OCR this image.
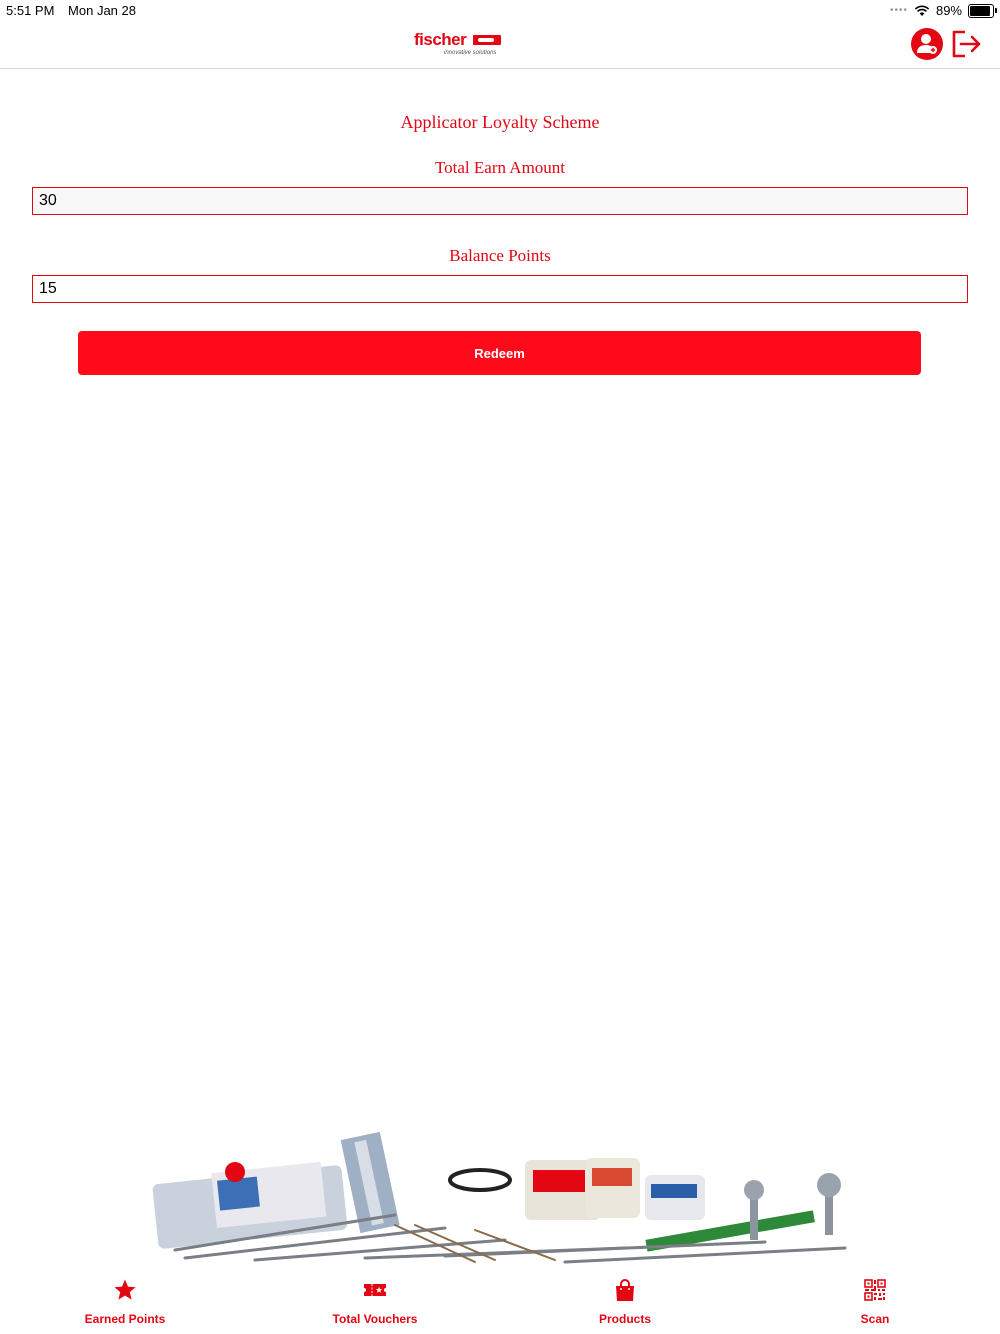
5:51 PM Mon Jan 28	•••• 89%
fischer
innovative solutions
Applicator Loyalty Scheme
Total Earn Amount
30
Balance Points
15
Redeem
Earned Points	Total Vouchers	Products	Scan
